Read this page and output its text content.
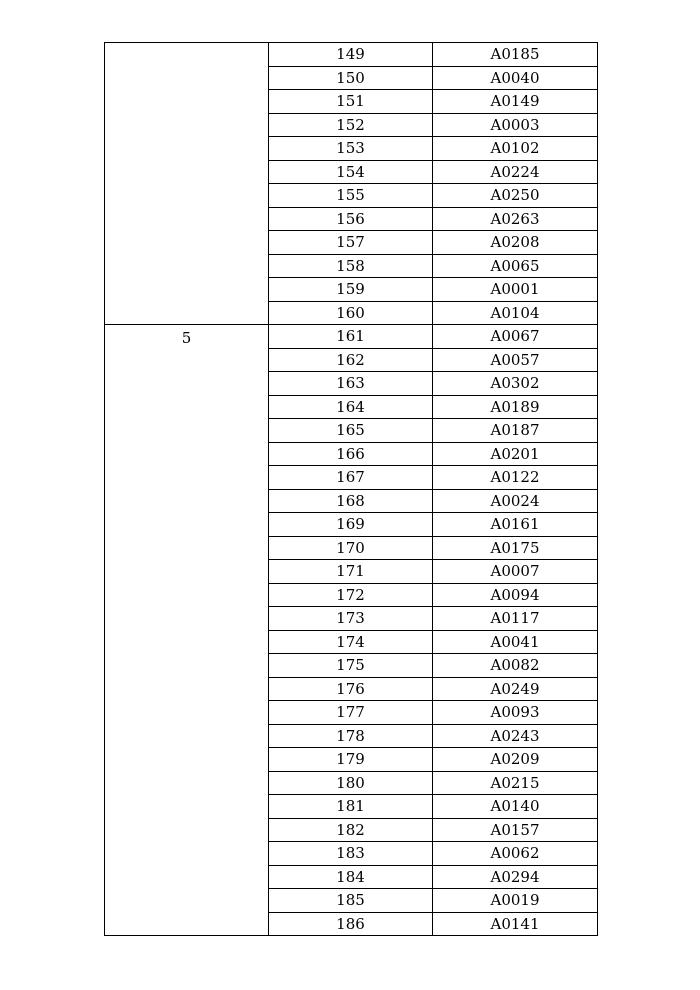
	149	A0185
	150	A0040
	151	A0149
	152	A0003
	153	A0102
	154	A0224
	155	A0250
	156	A0263
	157	A0208
	158	A0065
	159	A0001
	160	A0104
5	161	A0067
	162	A0057
	163	A0302
	164	A0189
	165	A0187
	166	A0201
	167	A0122
	168	A0024
	169	A0161
	170	A0175
	171	A0007
	172	A0094
	173	A0117
	174	A0041
	175	A0082
	176	A0249
	177	A0093
	178	A0243
	179	A0209
	180	A0215
	181	A0140
	182	A0157
	183	A0062
	184	A0294
	185	A0019
	186	A0141
